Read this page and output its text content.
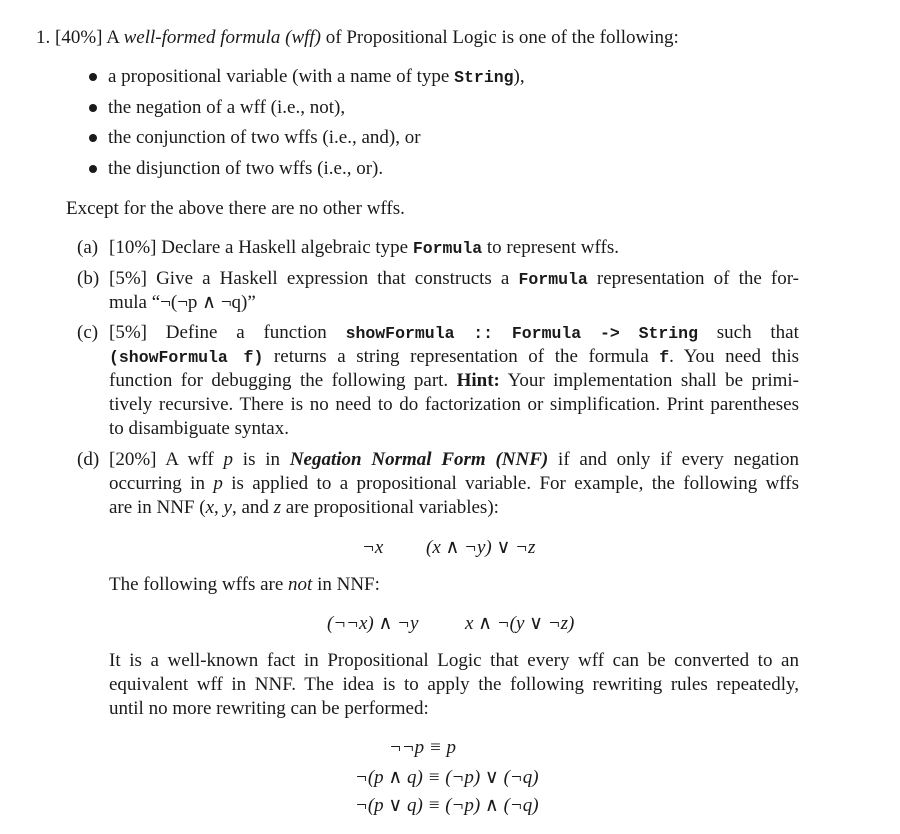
1. [40%] A well-formed formula (wff) of Propositional Logic is one of the following:
a propositional variable (with a name of type String),
the negation of a wff (i.e., not),
the conjunction of two wffs (i.e., and), or
the disjunction of two wffs (i.e., or).
Except for the above there are no other wffs.
(a) [10%] Declare a Haskell algebraic type Formula to represent wffs.
(b) [5%] Give a Haskell expression that constructs a Formula representation of the for-
mula “¬(¬p ∧ ¬q)”
(c) [5%] Define a function showFormula :: Formula -> String such that
(showFormula f) returns a string representation of the formula f. You need this
function for debugging the following part. Hint: Your implementation shall be primi-
tively recursive. There is no need to do factorization or simplification. Print parentheses
to disambiguate syntax.
(d) [20%] A wff p is in Negation Normal Form (NNF) if and only if every negation
occurring in p is applied to a propositional variable. For example, the following wffs
are in NNF (x, y, and z are propositional variables):
¬x (x ∧ ¬y) ∨ ¬z
The following wffs are not in NNF:
(¬¬x) ∧ ¬y x ∧ ¬(y ∨ ¬z)
It is a well-known fact in Propositional Logic that every wff can be converted to an
equivalent wff in NNF. The idea is to apply the following rewriting rules repeatedly,
until no more rewriting can be performed:
¬¬p ≡ p
¬(p ∧ q) ≡ (¬p) ∨ (¬q)
¬(p ∨ q) ≡ (¬p) ∧ (¬q)
